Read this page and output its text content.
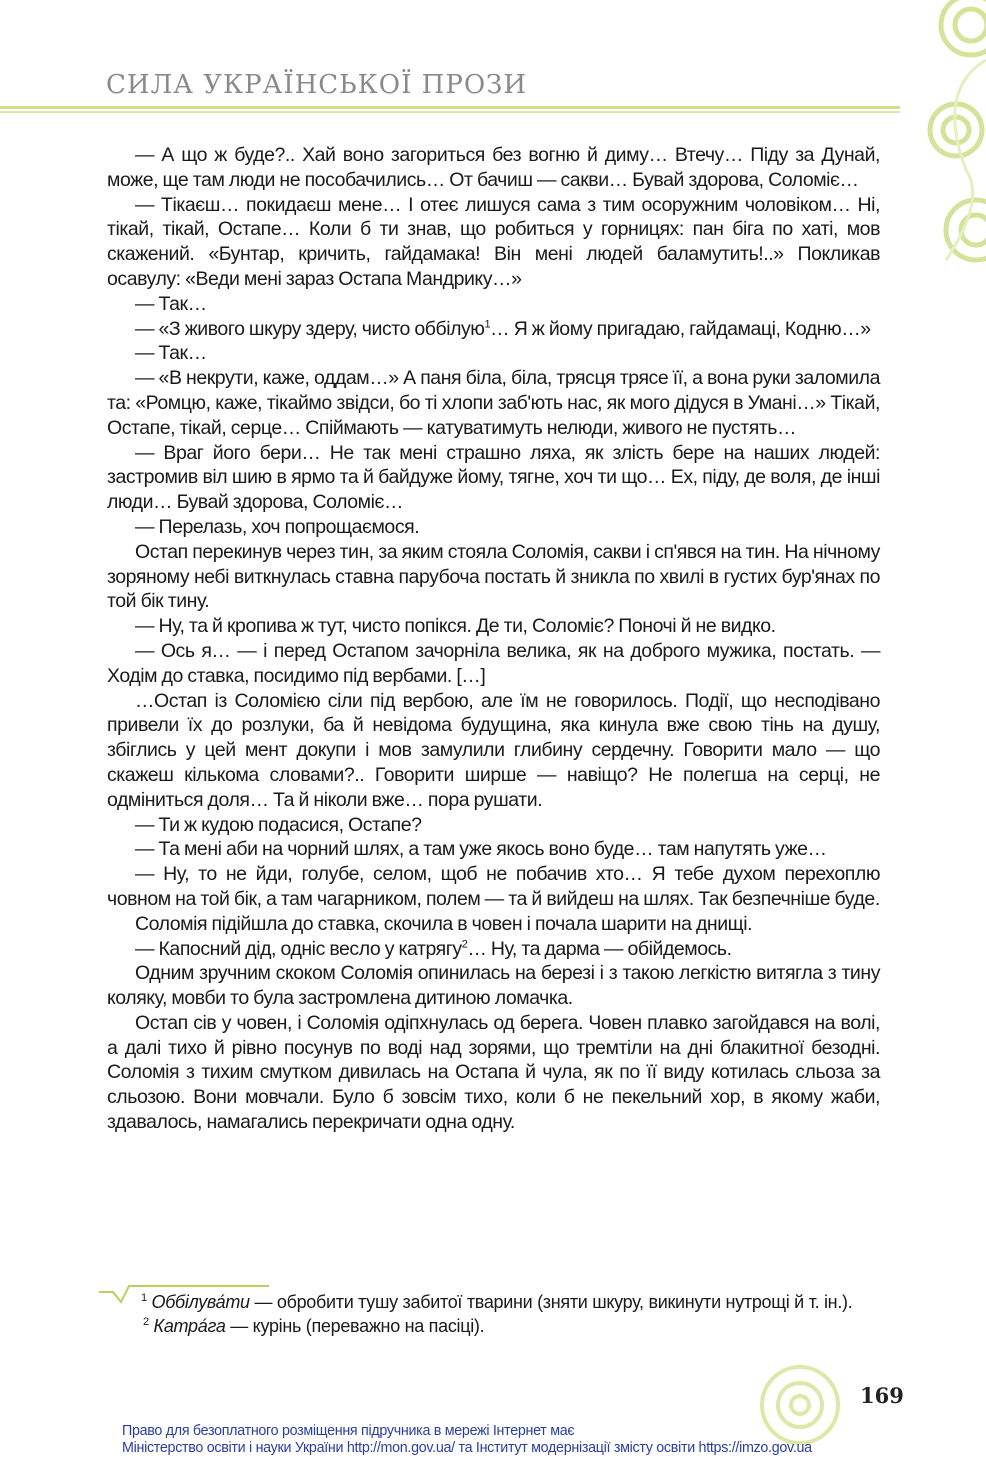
СИЛА УКРАЇНСЬКОЇ ПРОЗИ

— А що ж буде?.. Хай воно загориться без вогню й диму… Втечу… Піду за Дунай, може, ще там люди не пособачились… От бачиш — сакви… Бувай здорова, Соломіє…

— Тікаєш… покидаєш мене… І отеє лишуся сама з тим осоружним чоловіком… Ні, тікай, тікай, Остапе… Коли б ти знав, що робиться у горницях: пан біга по хаті, мов скажений. «Бунтар, кричить, гайдамака! Він мені людей баламутить!..» Покликав осавулу: «Веди мені зараз Остапа Мандрику…»

— Так…

— «З живого шкуру здеру, чисто оббілую$^1$… Я ж йому пригадаю, гайдамаці, Кодню…»

— Так…

— «В некрути, каже, оддам…» А паня біла, біла, трясця трясе її, а вона руки заломила та: «Ромцю, каже, тікаймо звідси, бо ті хлопи заб'ють нас, як мого дідуся в Умані…» Тікай, Остапе, тікай, серце… Спіймають — катуватимуть нелюди, живого не пустять…

— Враг його бери… Не так мені страшно ляха, як злість бере на наших людей: застромив віл шию в ярмо та й байдуже йому, тягне, хоч ти що… Ех, піду, де воля, де інші люди… Бувай здорова, Соломіє…

— Перелазь, хоч попрощаємося.

Остап перекинув через тин, за яким стояла Соломія, сакви і сп'явся на тин. На нічному зоряному небі виткнулась ставна парубоча постать й зникла по хвилі в густих бур'янах по той бік тину.

— Ну, та й кропива ж тут, чисто попікся. Де ти, Соломіє? Поночі й не видко.

— Ось я… — і перед Остапом зачорніла велика, як на доброго мужика, постать. — Ходім до ставка, посидимо під вербами. […]

…Остап із Соломією сіли під вербою, але їм не говорилось. Події, що несподівано привели їх до розлуки, ба й невідома будущина, яка кинула вже свою тінь на душу, збіглись у цей мент докупи і мов замулили глибину сердечну. Говорити мало — що скажеш кількома словами?.. Говорити ширше — навіщо? Не полегша на серці, не одміниться доля… Та й ніколи вже… пора рушати.

— Ти ж кудою подасися, Остапе?

— Та мені аби на чорний шлях, а там уже якось воно буде… там напутять уже…

— Ну, то не йди, голубе, селом, щоб не побачив хто… Я тебе духом перехоплю човном на той бік, а там чагарником, полем — та й вийдеш на шлях. Так безпечніше буде.

Соломія підійшла до ставка, скочила в човен і почала шарити на днищі.

— Капосний дід, одніс весло у катрягу$^2$… Ну, та дарма — обійдемось.

Одним зручним скоком Соломія опинилась на березі і з такою легкістю витягла з тину коляку, мовби то була застромлена дитиною ломачка.

Остап сів у човен, і Соломія одіпхнулась од берега. Човен плавко загойдався на волі, а далі тихо й рівно посунув по воді над зорями, що тремтіли на дні блакитної безодні. Соломія з тихим смутком дивилась на Остапа й чула, як по її виду котилась сльоза за сльозою. Вони мовчали. Було б зовсім тихо, коли б не пекельний хор, в якому жаби, здавалось, намагались перекричати одна одну.

$^1$ Оббілува́ти — обробити тушу забитої тварини (зняти шкуру, викинути нутрощі й т. ін.).

$^2$ Катра́га — курінь (переважно на пасіці).

169
Право для безоплатного розміщення підручника в мережі Інтернет має
Міністерство освіти і науки України http://mon.gov.ua/ та Інститут модернізації змісту освіти https://imzo.gov.ua
